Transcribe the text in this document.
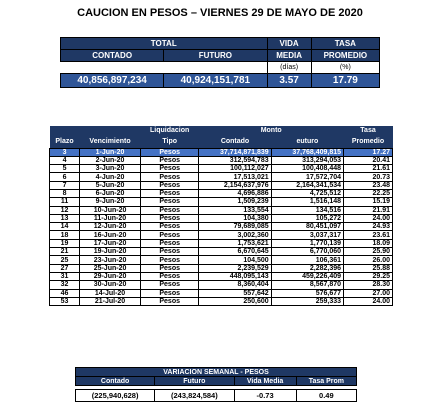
CAUCION EN PESOS – VIERNES 29 DE MAYO DE 2020
TOTAL		VIDA	TASA
CONTADO	FUTURO	MEDIA	PROMEDIO
		(días)	(%)
40,856,897,234	40,924,151,781	3.57	17.79
		Liquidacion	Monto		Tasa
Plazo	Vencimiento	Tipo	Contado	euturo	Promedio
3	1-Jun-20	Pesos	37,714,871,839	37,768,409,815	17.27
4	2-Jun-20	Pesos	312,594,783	313,294,053	20.41
5	3-Jun-20	Pesos	100,112,027	100,408,448	21.61
6	4-Jun-20	Pesos	17,513,021	17,572,704	20.73
7	5-Jun-20	Pesos	2,154,637,976	2,164,341,534	23.48
8	6-Jun-20	Pesos	4,696,886	4,725,512	22.25
11	9-Jun-20	Pesos	1,509,239	1,516,148	15.19
12	10-Jun-20	Pesos	133,554	134,516	21.91
13	11-Jun-20	Pesos	104,380	105,272	24.00
14	12-Jun-20	Pesos	79,689,085	80,451,097	24.93
18	16-Jun-20	Pesos	3,002,360	3,037,317	23.61
19	17-Jun-20	Pesos	1,753,621	1,770,139	18.09
21	19-Jun-20	Pesos	6,670,645	6,770,060	25.90
25	23-Jun-20	Pesos	104,500	106,361	26.00
27	25-Jun-20	Pesos	2,239,529	2,282,396	25.88
31	29-Jun-20	Pesos	448,095,143	459,226,409	29.25
32	30-Jun-20	Pesos	8,360,404	8,567,870	28.30
46	14-Jul-20	Pesos	557,642	576,677	27.00
53	21-Jul-20	Pesos	250,600	259,333	24.00
VARIACION SEMANAL - PESOS			
Contado	Futuro	Vida Media	Tasa Prom

(225,940,628)	(243,824,584)	-0.73	0.49
